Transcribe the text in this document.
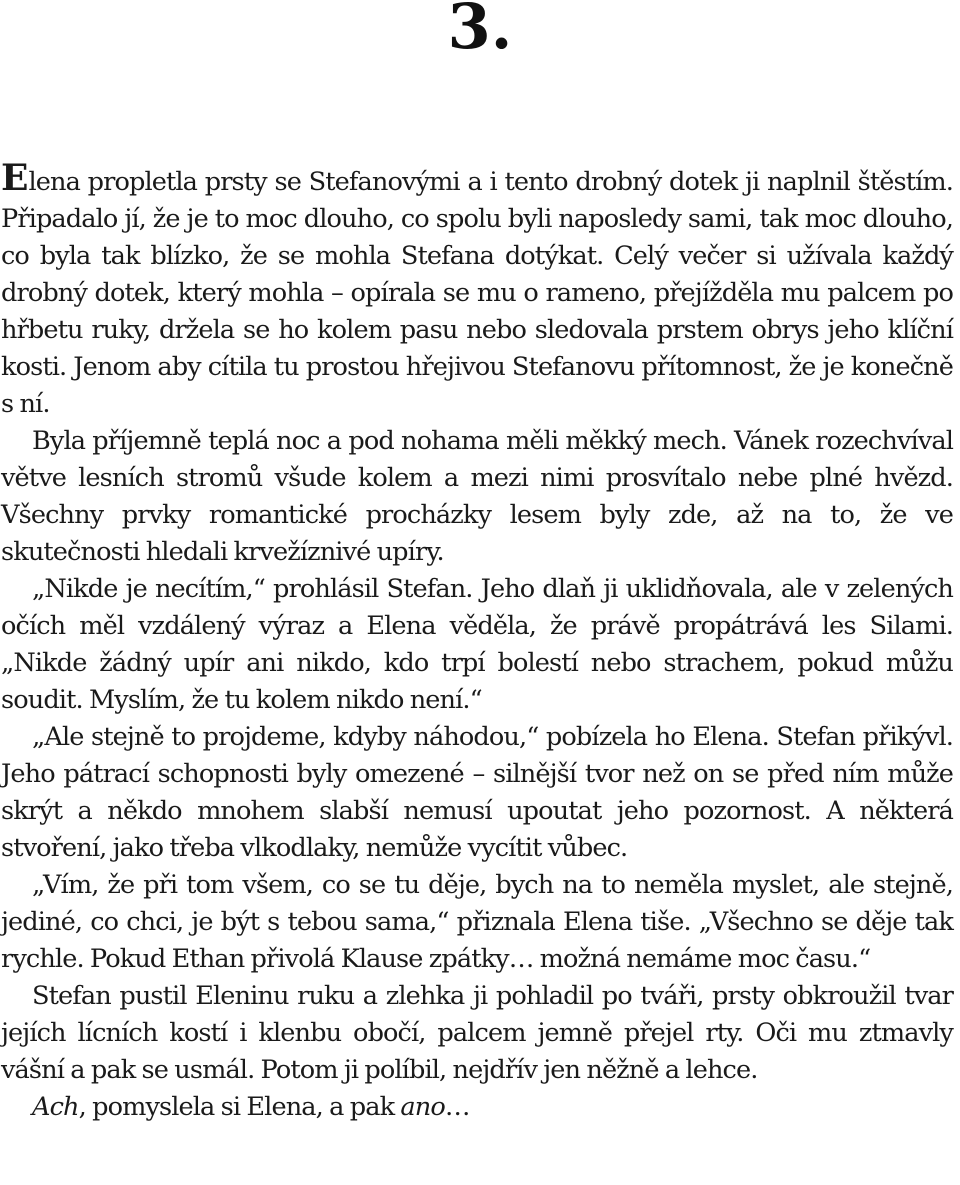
3.

Elena propletla prsty se Stefanovými a i tento drobný dotek ji naplnil štěstím. Připadalo jí, že je to moc dlouho, co spolu byli naposledy sami, tak moc dlouho, co byla tak blízko, že se mohla Stefana dotýkat. Celý večer si užívala každý drobný dotek, který mohla – opírala se mu o rameno, přejížděla mu palcem po hřbetu ruky, držela se ho kolem pasu nebo sledovala prstem obrys jeho klíční kosti. Jenom aby cítila tu prostou hřejivou Stefanovu přítomnost, že je konečně s ní.

Byla příjemně teplá noc a pod nohama měli měkký mech. Vánek rozechvíval větve lesních stromů všude kolem a mezi nimi prosvítalo nebe plné hvězd. Všechny prvky romantické procházky lesem byly zde, až na to, že ve skutečnosti hledali krvežíznivé upíry.

„Nikde je necítím,“ prohlásil Stefan. Jeho dlaň ji uklidňovala, ale v zelených očích měl vzdálený výraz a Elena věděla, že právě propátrává les Silami. „Nikde žádný upír ani nikdo, kdo trpí bolestí nebo strachem, pokud můžu soudit. Myslím, že tu kolem nikdo není.“

„Ale stejně to projdeme, kdyby náhodou,“ pobízela ho Elena. Stefan přikývl. Jeho pátrací schopnosti byly omezené – silnější tvor než on se před ním může skrýt a někdo mnohem slabší nemusí upoutat jeho pozornost. A některá stvoření, jako třeba vlkodlaky, nemůže vycítit vůbec.

„Vím, že při tom všem, co se tu děje, bych na to neměla myslet, ale stejně, jediné, co chci, je být s tebou sama,“ přiznala Elena tiše. „Všechno se děje tak rychle. Pokud Ethan přivolá Klause zpátky… možná nemáme moc času.“

Stefan pustil Eleninu ruku a zlehka ji pohladil po tváři, prsty obkroužil tvar jejích lícních kostí i klenbu obočí, palcem jemně přejel rty. Oči mu ztmavly vášní a pak se usmál. Potom ji políbil, nejdřív jen něžně a lehce.

Ach, pomyslela si Elena, a pak ano…
